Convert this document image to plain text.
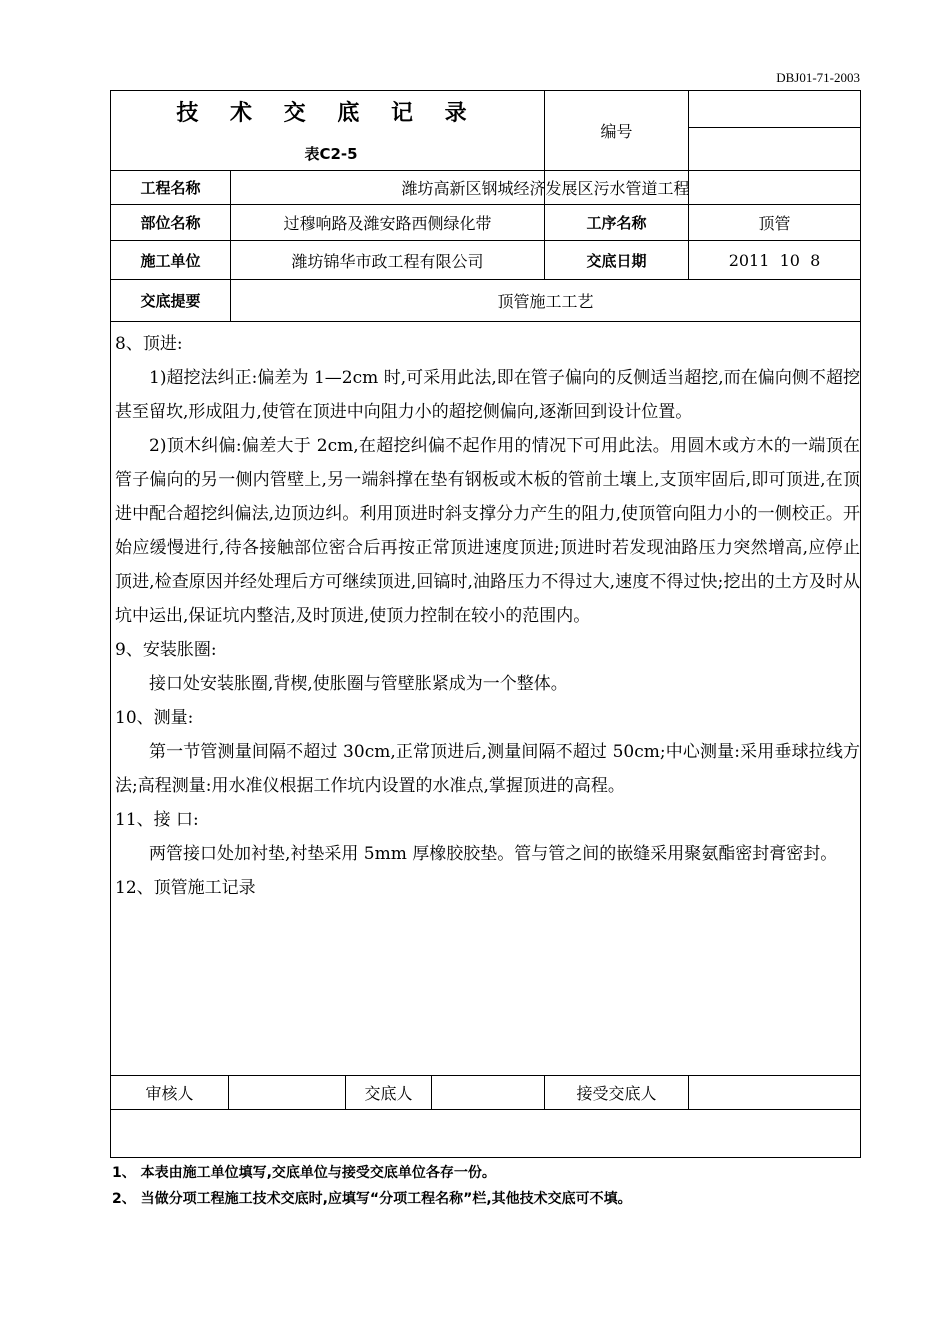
DBJ01-71-2003
技 术 交 底 记 录
表C2-5
编号
工程名称	潍坊高新区钢城经济发展区污水管道工程
部位名称	过穆响路及潍安路西侧绿化带	工序名称	顶管
施工单位	潍坊锦华市政工程有限公司	交底日期	2011  10  8
交底提要	顶管施工工艺

8、顶进:

1)超挖法纠正:偏差为 1—2cm 时,可采用此法,即在管子偏向的反侧适当超挖,而在偏向侧不超挖甚至留坎,形成阻力,使管在顶进中向阻力小的超挖侧偏向,逐渐回到设计位置。

2)顶木纠偏:偏差大于 2cm,在超挖纠偏不起作用的情况下可用此法。用圆木或方木的一端顶在管子偏向的另一侧内管壁上,另一端斜撑在垫有钢板或木板的管前土壤上,支顶牢固后,即可顶进,在顶进中配合超挖纠偏法,边顶边纠。利用顶进时斜支撑分力产生的阻力,使顶管向阻力小的一侧校正。开始应缓慢进行,待各接触部位密合后再按正常顶进速度顶进;顶进时若发现油路压力突然增高,应停止顶进,检查原因并经处理后方可继续顶进,回镐时,油路压力不得过大,速度不得过快;挖出的土方及时从坑中运出,保证坑内整洁,及时顶进,使顶力控制在较小的范围内。

9、安装胀圈:

接口处安装胀圈,背楔,使胀圈与管壁胀紧成为一个整体。

10、测量:

第一节管测量间隔不超过 30cm,正常顶进后,测量间隔不超过 50cm;中心测量:采用垂球拉线方法;高程测量:用水准仪根据工作坑内设置的水准点,掌握顶进的高程。

11、接 口:

两管接口处加衬垫,衬垫采用 5mm 厚橡胶胶垫。管与管之间的嵌缝采用聚氨酯密封膏密封。

12、顶管施工记录

审核人	交底人	接受交底人

1、 本表由施工单位填写,交底单位与接受交底单位各存一份。

2、 当做分项工程施工技术交底时,应填写“分项工程名称”栏,其他技术交底可不填。
